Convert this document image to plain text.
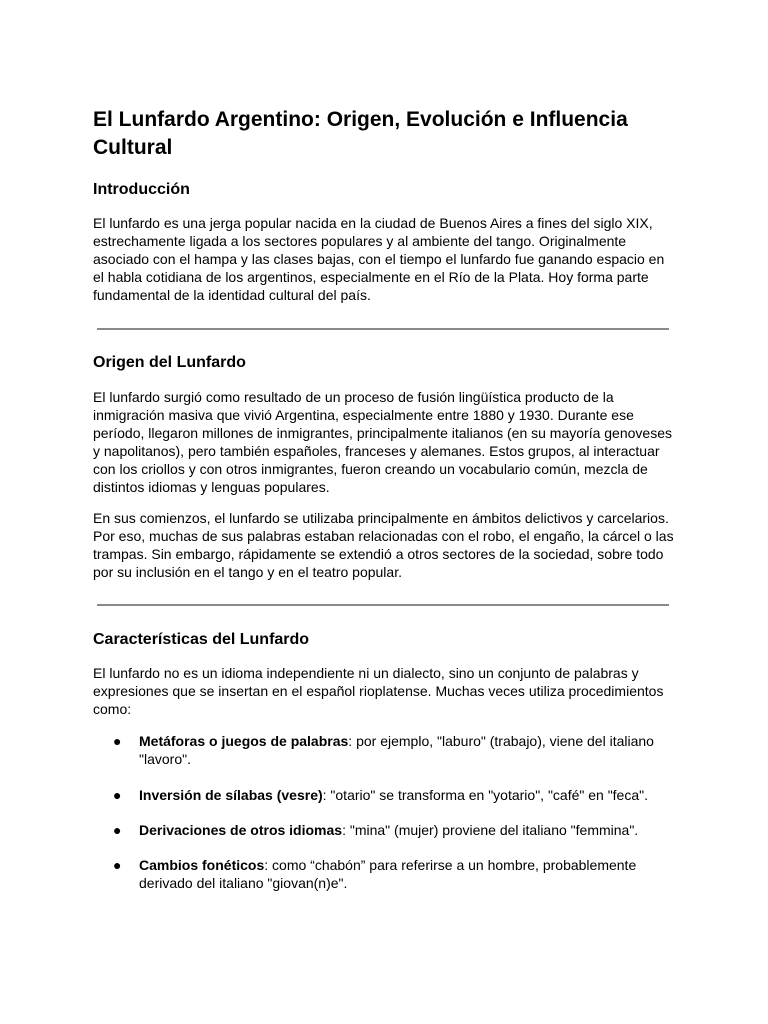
El Lunfardo Argentino: Origen, Evolución e Influencia Cultural
Introducción

El lunfardo es una jerga popular nacida en la ciudad de Buenos Aires a fines del siglo XIX, estrechamente ligada a los sectores populares y al ambiente del tango. Originalmente asociado con el hampa y las clases bajas, con el tiempo el lunfardo fue ganando espacio en el habla cotidiana de los argentinos, especialmente en el Río de la Plata. Hoy forma parte fundamental de la identidad cultural del país.

Origen del Lunfardo

El lunfardo surgió como resultado de un proceso de fusión lingüística producto de la inmigración masiva que vivió Argentina, especialmente entre 1880 y 1930. Durante ese período, llegaron millones de inmigrantes, principalmente italianos (en su mayoría genoveses y napolitanos), pero también españoles, franceses y alemanes. Estos grupos, al interactuar con los criollos y con otros inmigrantes, fueron creando un vocabulario común, mezcla de distintos idiomas y lenguas populares.

En sus comienzos, el lunfardo se utilizaba principalmente en ámbitos delictivos y carcelarios. Por eso, muchas de sus palabras estaban relacionadas con el robo, el engaño, la cárcel o las trampas. Sin embargo, rápidamente se extendió a otros sectores de la sociedad, sobre todo por su inclusión en el tango y en el teatro popular.

Características del Lunfardo

El lunfardo no es un idioma independiente ni un dialecto, sino un conjunto de palabras y expresiones que se insertan en el español rioplatense. Muchas veces utiliza procedimientos como:

● Metáforas o juegos de palabras: por ejemplo, "laburo" (trabajo), viene del italiano "lavoro".
● Inversión de sílabas (vesre): "otario" se transforma en "yotario", "café" en "feca".
● Derivaciones de otros idiomas: "mina" (mujer) proviene del italiano "femmina".
● Cambios fonéticos: como “chabón” para referirse a un hombre, probablemente derivado del italiano "giovan(n)e".
